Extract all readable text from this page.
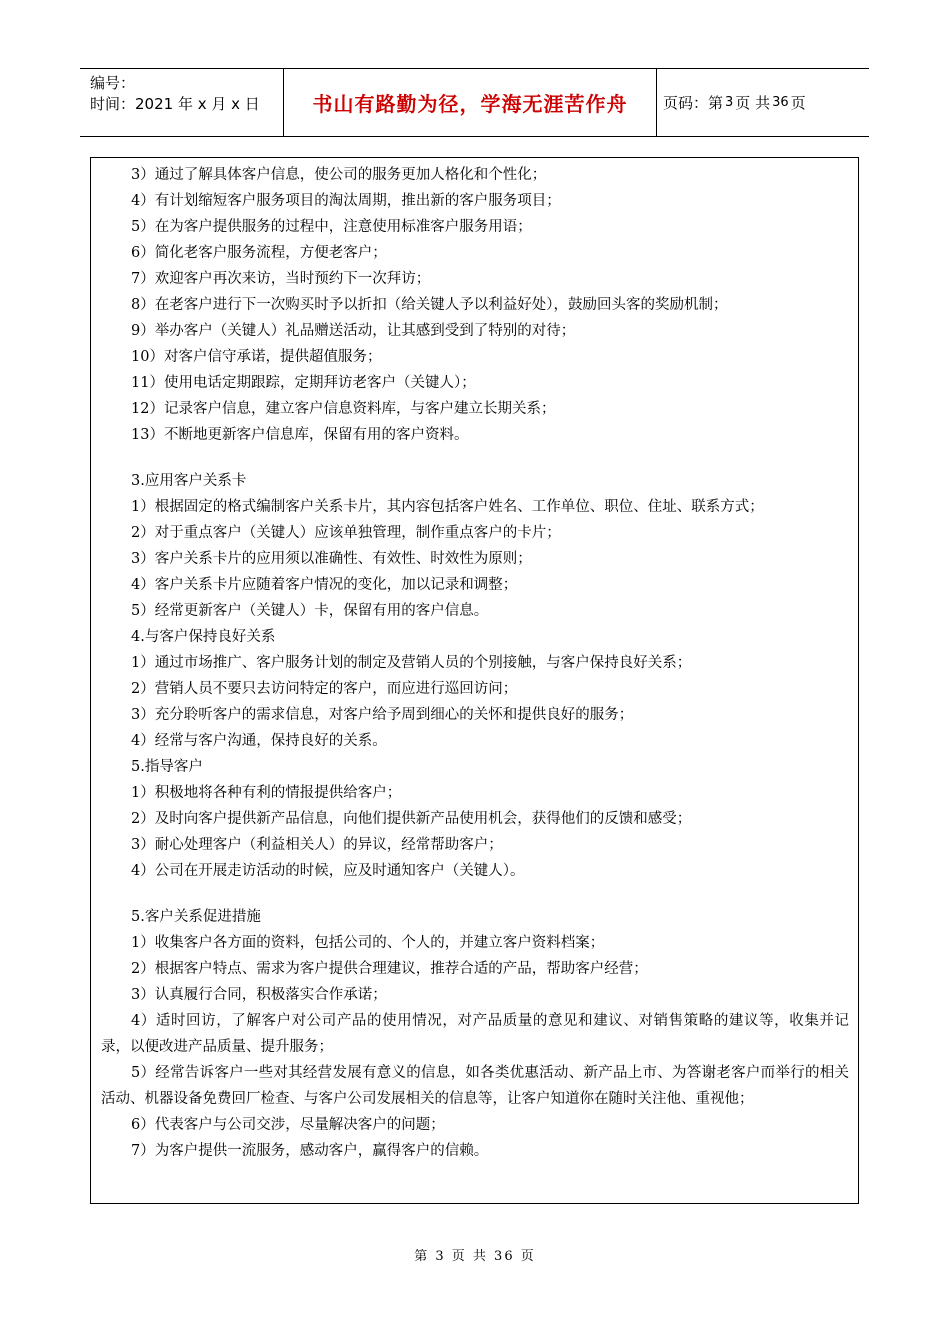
编号：
时间：2021 年 x 月 x 日	书山有路勤为径，学海无涯苦作舟 页码：第 3 页 共 36 页
3）通过了解具体客户信息，使公司的服务更加人格化和个性化；
4）有计划缩短客户服务项目的淘汰周期，推出新的客户服务项目；
5）在为客户提供服务的过程中，注意使用标准客户服务用语；
6）简化老客户服务流程，方便老客户；
7）欢迎客户再次来访，当时预约下一次拜访；
8）在老客户进行下一次购买时予以折扣（给关键人予以利益好处），鼓励回头客的奖励机制；
9）举办客户（关键人）礼品赠送活动，让其感到受到了特别的对待；
10）对客户信守承诺，提供超值服务；
11）使用电话定期跟踪，定期拜访老客户（关键人）；
12）记录客户信息，建立客户信息资料库，与客户建立长期关系；
13）不断地更新客户信息库，保留有用的客户资料。
3.应用客户关系卡
1）根据固定的格式编制客户关系卡片，其内容包括客户姓名、工作单位、职位、住址、联系方式；
2）对于重点客户（关键人）应该单独管理，制作重点客户的卡片；
3）客户关系卡片的应用须以准确性、有效性、时效性为原则；
4）客户关系卡片应随着客户情况的变化，加以记录和调整；
5）经常更新客户（关键人）卡，保留有用的客户信息。
4.与客户保持良好关系
1）通过市场推广、客户服务计划的制定及营销人员的个别接触，与客户保持良好关系；
2）营销人员不要只去访问特定的客户，而应进行巡回访问；
3）充分聆听客户的需求信息，对客户给予周到细心的关怀和提供良好的服务；
4）经常与客户沟通，保持良好的关系。
5.指导客户
1）积极地将各种有利的情报提供给客户；
2）及时向客户提供新产品信息，向他们提供新产品使用机会，获得他们的反馈和感受；
3）耐心处理客户（利益相关人）的异议，经常帮助客户；
4）公司在开展走访活动的时候，应及时通知客户（关键人）。
5.客户关系促进措施
1）收集客户各方面的资料，包括公司的、个人的，并建立客户资料档案；
2）根据客户特点、需求为客户提供合理建议，推荐合适的产品，帮助客户经营；
3）认真履行合同，积极落实合作承诺；
4）适时回访，了解客户对公司产品的使用情况，对产品质量的意见和建议、对销售策略的建议等，收集并记录，以便改进产品质量、提升服务；
5）经常告诉客户一些对其经营发展有意义的信息，如各类优惠活动、新产品上市、为答谢老客户而举行的相关活动、机器设备免费回厂检查、与客户公司发展相关的信息等，让客户知道你在随时关注他、重视他；
6）代表客户与公司交涉，尽量解决客户的问题；
7）为客户提供一流服务，感动客户，赢得客户的信赖。
第 3 页 共 36 页
